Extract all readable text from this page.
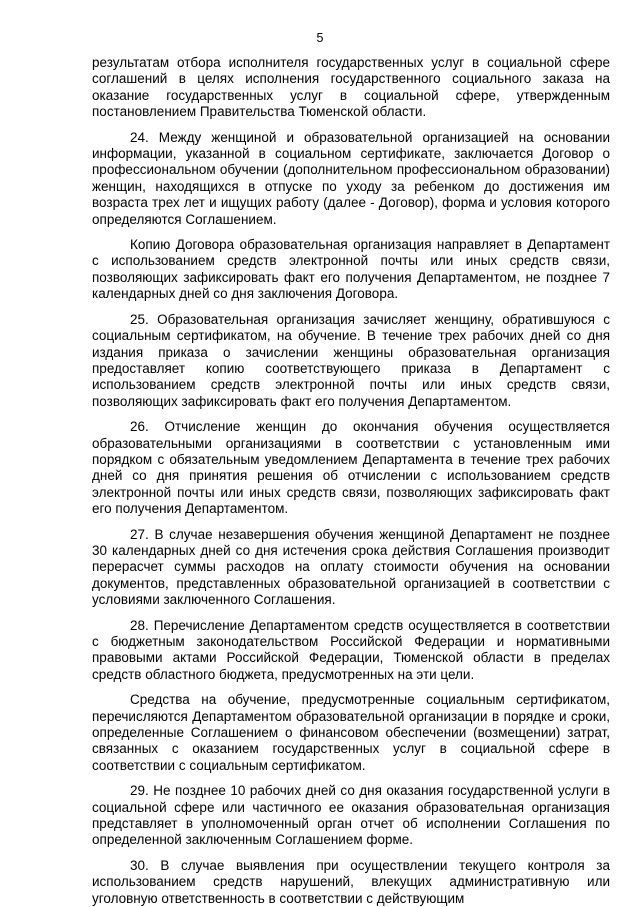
5

результатам отбора исполнителя государственных услуг в социальной сфере соглашений в целях исполнения государственного социального заказа на оказание государственных услуг в социальной сфере, утвержденным постановлением Правительства Тюменской области.

24. Между женщиной и образовательной организацией на основании информации, указанной в социальном сертификате, заключается Договор о профессиональном обучении (дополнительном профессиональном образовании) женщин, находящихся в отпуске по уходу за ребенком до достижения им возраста трех лет и ищущих работу (далее - Договор), форма и условия которого определяются Соглашением.

Копию Договора образовательная организация направляет в Департамент с использованием средств электронной почты или иных средств связи, позволяющих зафиксировать факт его получения Департаментом, не позднее 7 календарных дней со дня заключения Договора.

25. Образовательная организация зачисляет женщину, обратившуюся с социальным сертификатом, на обучение. В течение трех рабочих дней со дня издания приказа о зачислении женщины образовательная организация предоставляет копию соответствующего приказа в Департамент с использованием средств электронной почты или иных средств связи, позволяющих зафиксировать факт его получения Департаментом.

26. Отчисление женщин до окончания обучения осуществляется образовательными организациями в соответствии с установленным ими порядком с обязательным уведомлением Департамента в течение трех рабочих дней со дня принятия решения об отчислении с использованием средств электронной почты или иных средств связи, позволяющих зафиксировать факт его получения Департаментом.

27. В случае незавершения обучения женщиной Департамент не позднее 30 календарных дней со дня истечения срока действия Соглашения производит перерасчет суммы расходов на оплату стоимости обучения на основании документов, представленных образовательной организацией в соответствии с условиями заключенного Соглашения.

28. Перечисление Департаментом средств осуществляется в соответствии с бюджетным законодательством Российской Федерации и нормативными правовыми актами Российской Федерации, Тюменской области в пределах средств областного бюджета, предусмотренных на эти цели.

Средства на обучение, предусмотренные социальным сертификатом, перечисляются Департаментом образовательной организации в порядке и сроки, определенные Соглашением о финансовом обеспечении (возмещении) затрат, связанных с оказанием государственных услуг в социальной сфере в соответствии с социальным сертификатом.

29. Не позднее 10 рабочих дней со дня оказания государственной услуги в социальной сфере или частичного ее оказания образовательная организация представляет в уполномоченный орган отчет об исполнении Соглашения по определенной заключенным Соглашением форме.

30. В случае выявления при осуществлении текущего контроля за использованием средств нарушений, влекущих административную или уголовную ответственность в соответствии с действующим
